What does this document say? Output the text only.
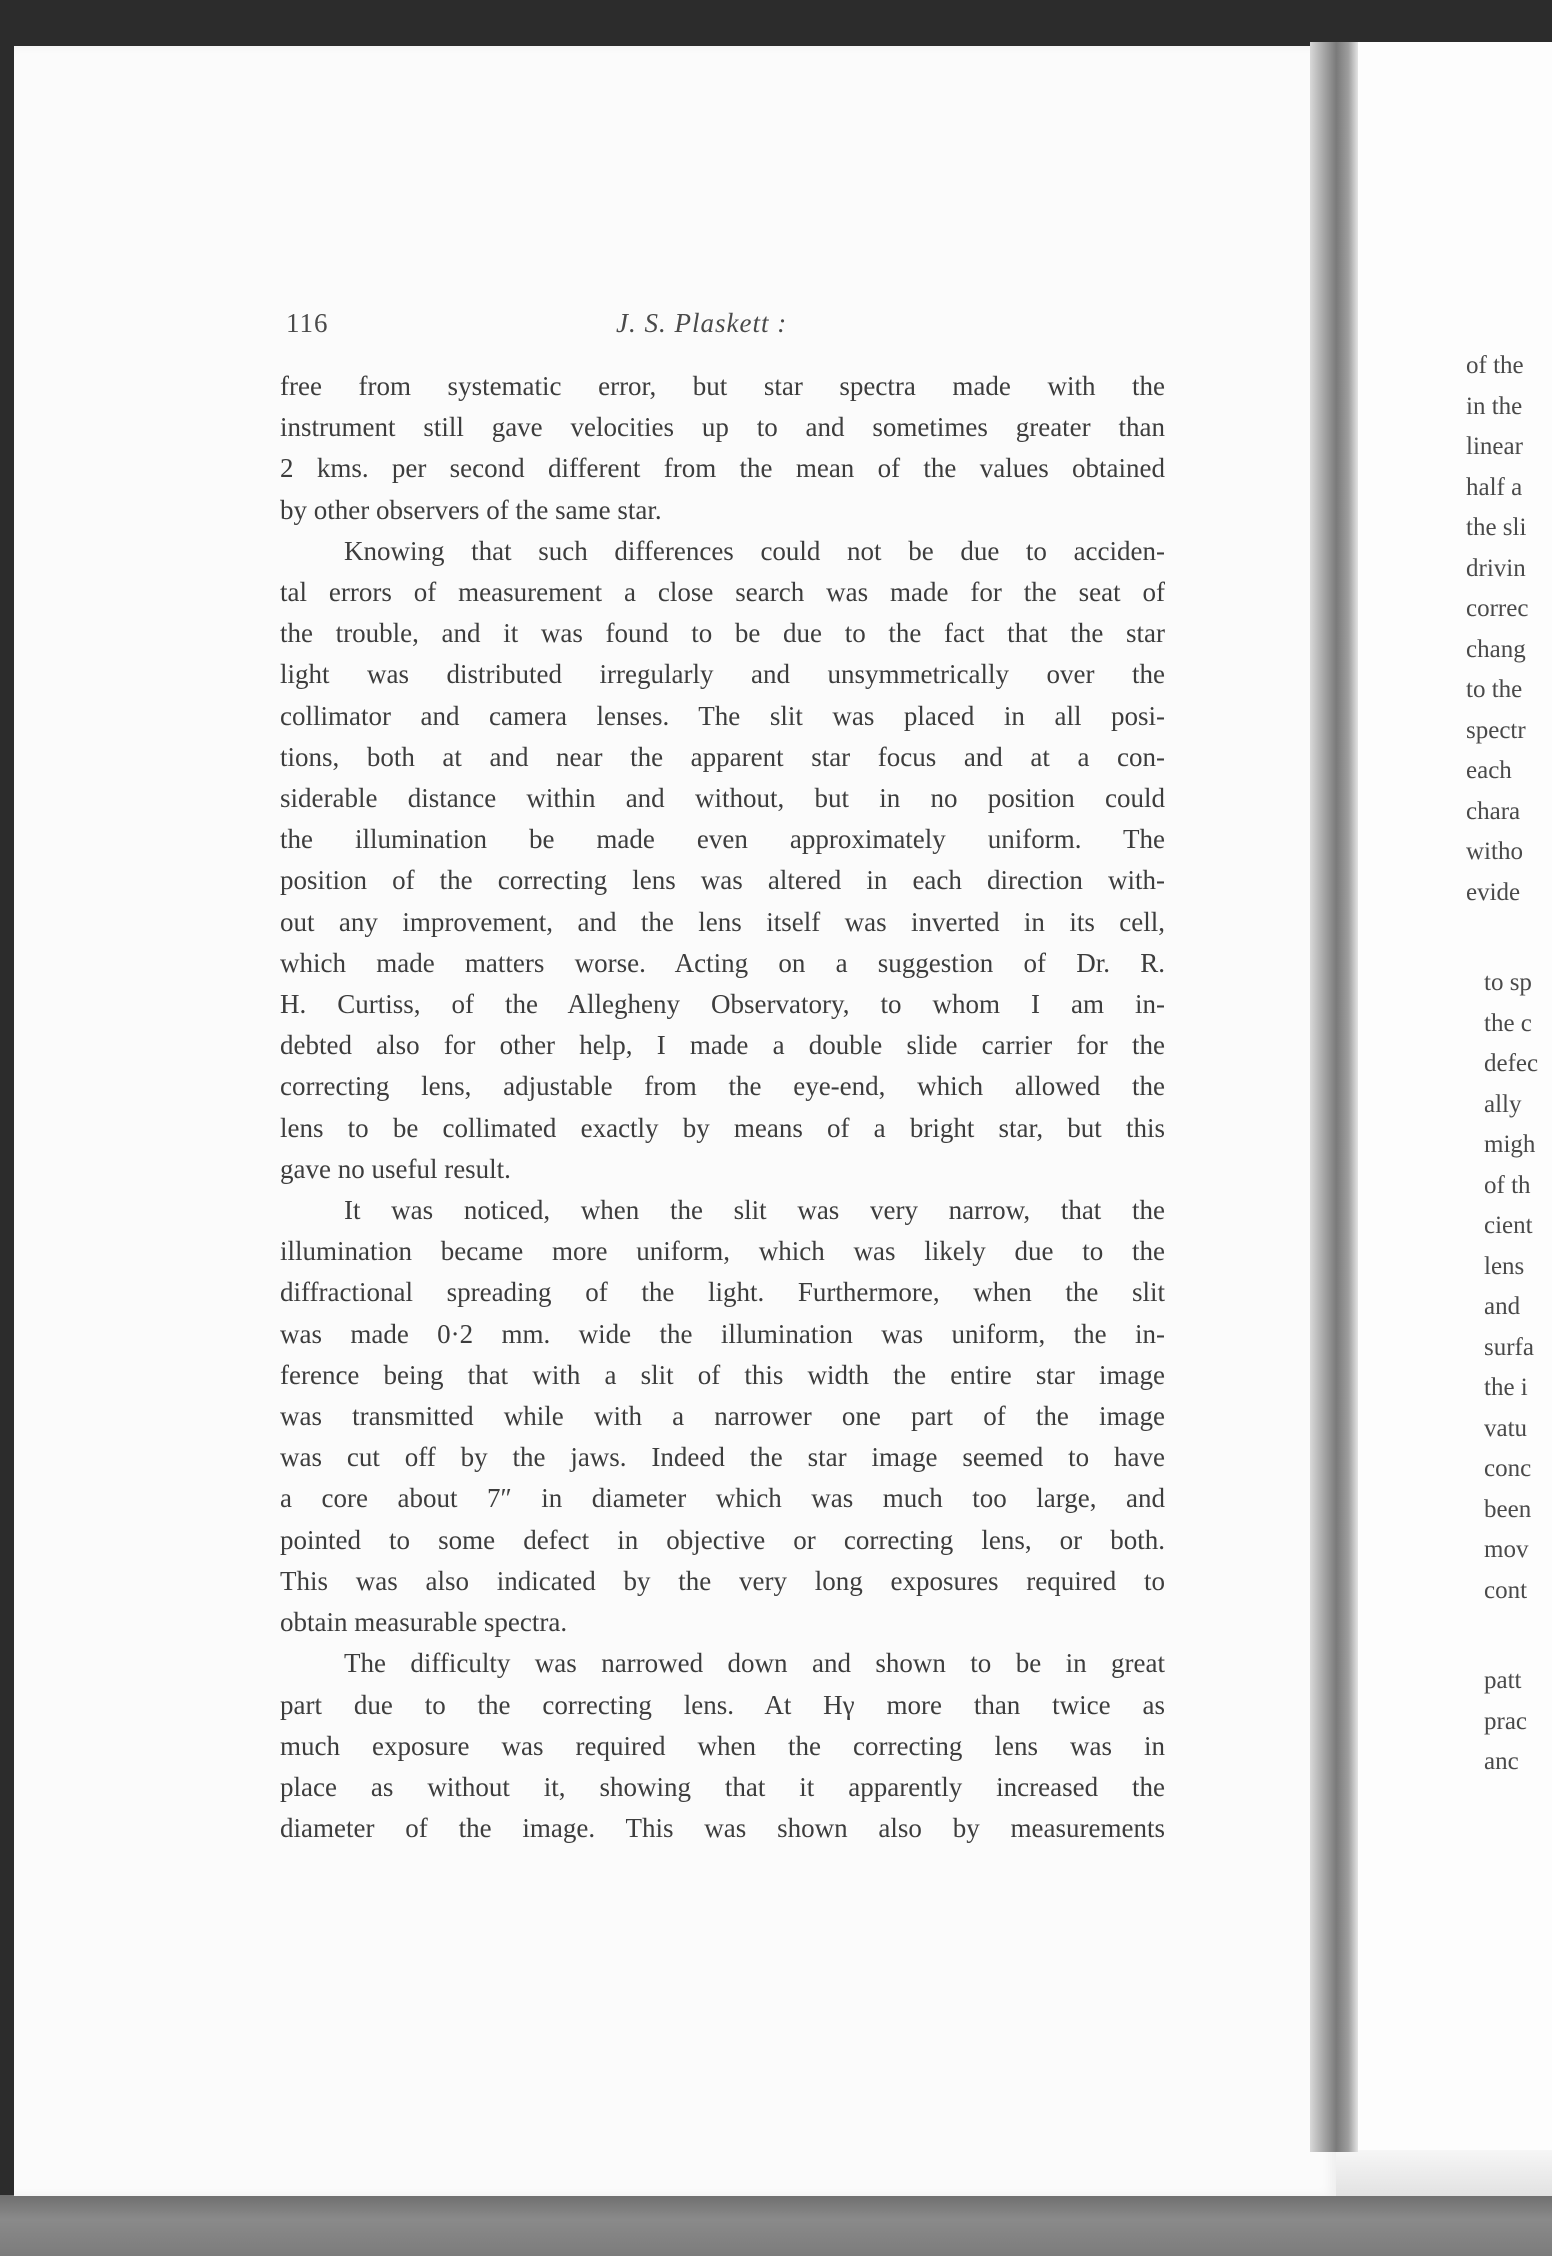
116	J. S. Plaskett :

free from systematic error, but star spectra made with the

instrument still gave velocities up to and sometimes greater than

2 kms. per second different from the mean of the values obtained

by other observers of the same star.

Knowing that such differences could not be due to acciden-

tal errors of measurement a close search was made for the seat of

the trouble, and it was found to be due to the fact that the star

light was distributed irregularly and unsymmetrically over the

collimator and camera lenses. The slit was placed in all posi-

tions, both at and near the apparent star focus and at a con-

siderable distance within and without, but in no position could

the illumination be made even approximately uniform. The

position of the correcting lens was altered in each direction with-

out any improvement, and the lens itself was inverted in its cell,

which made matters worse. Acting on a suggestion of Dr. R.

H. Curtiss, of the Allegheny Observatory, to whom I am in-

debted also for other help, I made a double slide carrier for the

correcting lens, adjustable from the eye-end, which allowed the

lens to be collimated exactly by means of a bright star, but this

gave no useful result.

It was noticed, when the slit was very narrow, that the

illumination became more uniform, which was likely due to the

diffractional spreading of the light. Furthermore, when the slit

was made 0·2 mm. wide the illumination was uniform, the in-

ference being that with a slit of this width the entire star image

was transmitted while with a narrower one part of the image

was cut off by the jaws. Indeed the star image seemed to have

a core about 7″ in diameter which was much too large, and

pointed to some defect in objective or correcting lens, or both.

This was also indicated by the very long exposures required to

obtain measurable spectra.

The difficulty was narrowed down and shown to be in great

part due to the correcting lens. At Hγ more than twice as

much exposure was required when the correcting lens was in

place as without it, showing that it apparently increased the

diameter of the image. This was shown also by measurements

of the
in the
linear
half a
the sli
drivin
correc
chang
to the
spectr
each
chara
witho
evide
to sp
the c
defec
ally
migh
of th
cient
lens
and
surfa
the i
vatu
conc
been
mov
cont
patt
prac
anc
